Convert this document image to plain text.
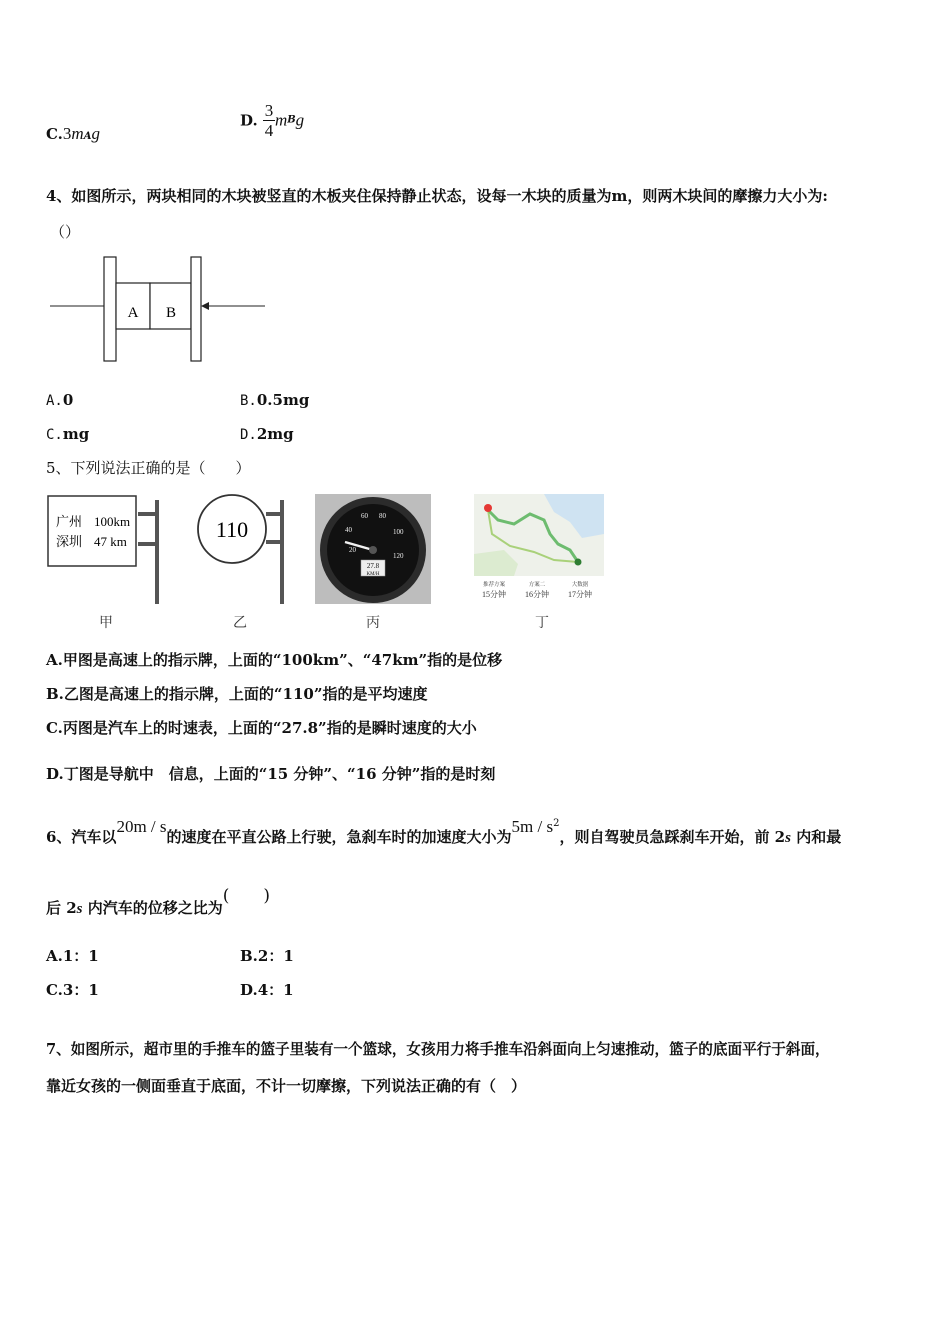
C.3mAg
D. $\frac{3}{4}$ mBg
4、如图所示，两块相同的木块被竖直的木板夹住保持静止状态，设每一木块的质量为m，则两木块间的摩擦力大小为:
（）
A B
A.0	B.0.5mg
C.mg	D.2mg
5、下列说法正确的是（　　）
广州 100km
深圳 47 km	110
20
40
60 80
100
120
27.8
KM/H
推荐方案
15分钟
方案二
16分钟
大数据
17分钟
甲	乙	丙	丁
A.甲图是高速上的指示牌，上面的“100km”、“47km”指的是位移
B.乙图是高速上的指示牌，上面的“110”指的是平均速度
C.丙图是汽车上的时速表，上面的“27.8”指的是瞬时速度的大小
D.丁图是导航中　信息，上面的“15 分钟”、“16 分钟”指的是时刻
6、汽车以20m / s的速度在平直公路上行驶，急刹车时的加速度大小为$5m / s^2$，则自驾驶员急踩刹车开始，前 2s 内和最
后 2s 内汽车的位移之比为(　　)
A.1：1	B.2：1
C.3：1	D.4：1
7、如图所示，超市里的手推车的篮子里装有一个篮球，女孩用力将手推车沿斜面向上匀速推动，篮子的底面平行于斜面，
靠近女孩的一侧面垂直于底面，不计一切摩擦，下列说法正确的有（　）
